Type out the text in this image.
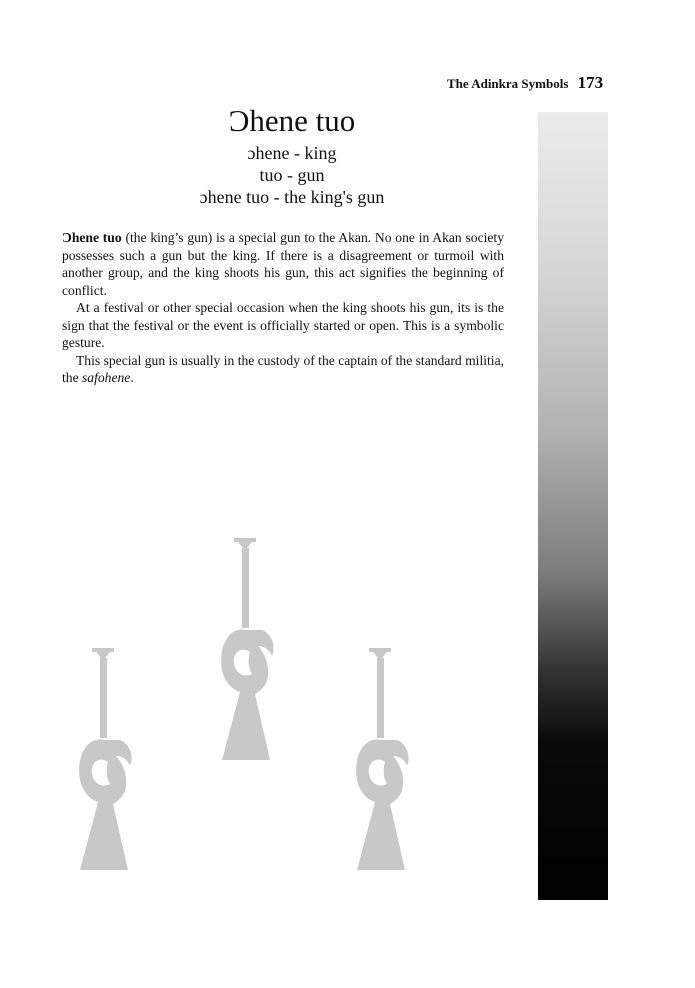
The Adinkra Symbols 173
Ɔhene tuo
ɔhene - king
tuo - gun
ɔhene tuo - the king's gun

Ɔhene tuo (the king’s gun) is a special gun to the Akan. No one in Akan society possesses such a gun but the king. If there is a disagreement or turmoil with another group, and the king shoots his gun, this act signifies the beginning of conflict.

At a festival or other special occasion when the king shoots his gun, its is the sign that the festival or the event is officially started or open. This is a symbolic gesture.

This special gun is usually in the custody of the captain of the standard militia, the safohene.
